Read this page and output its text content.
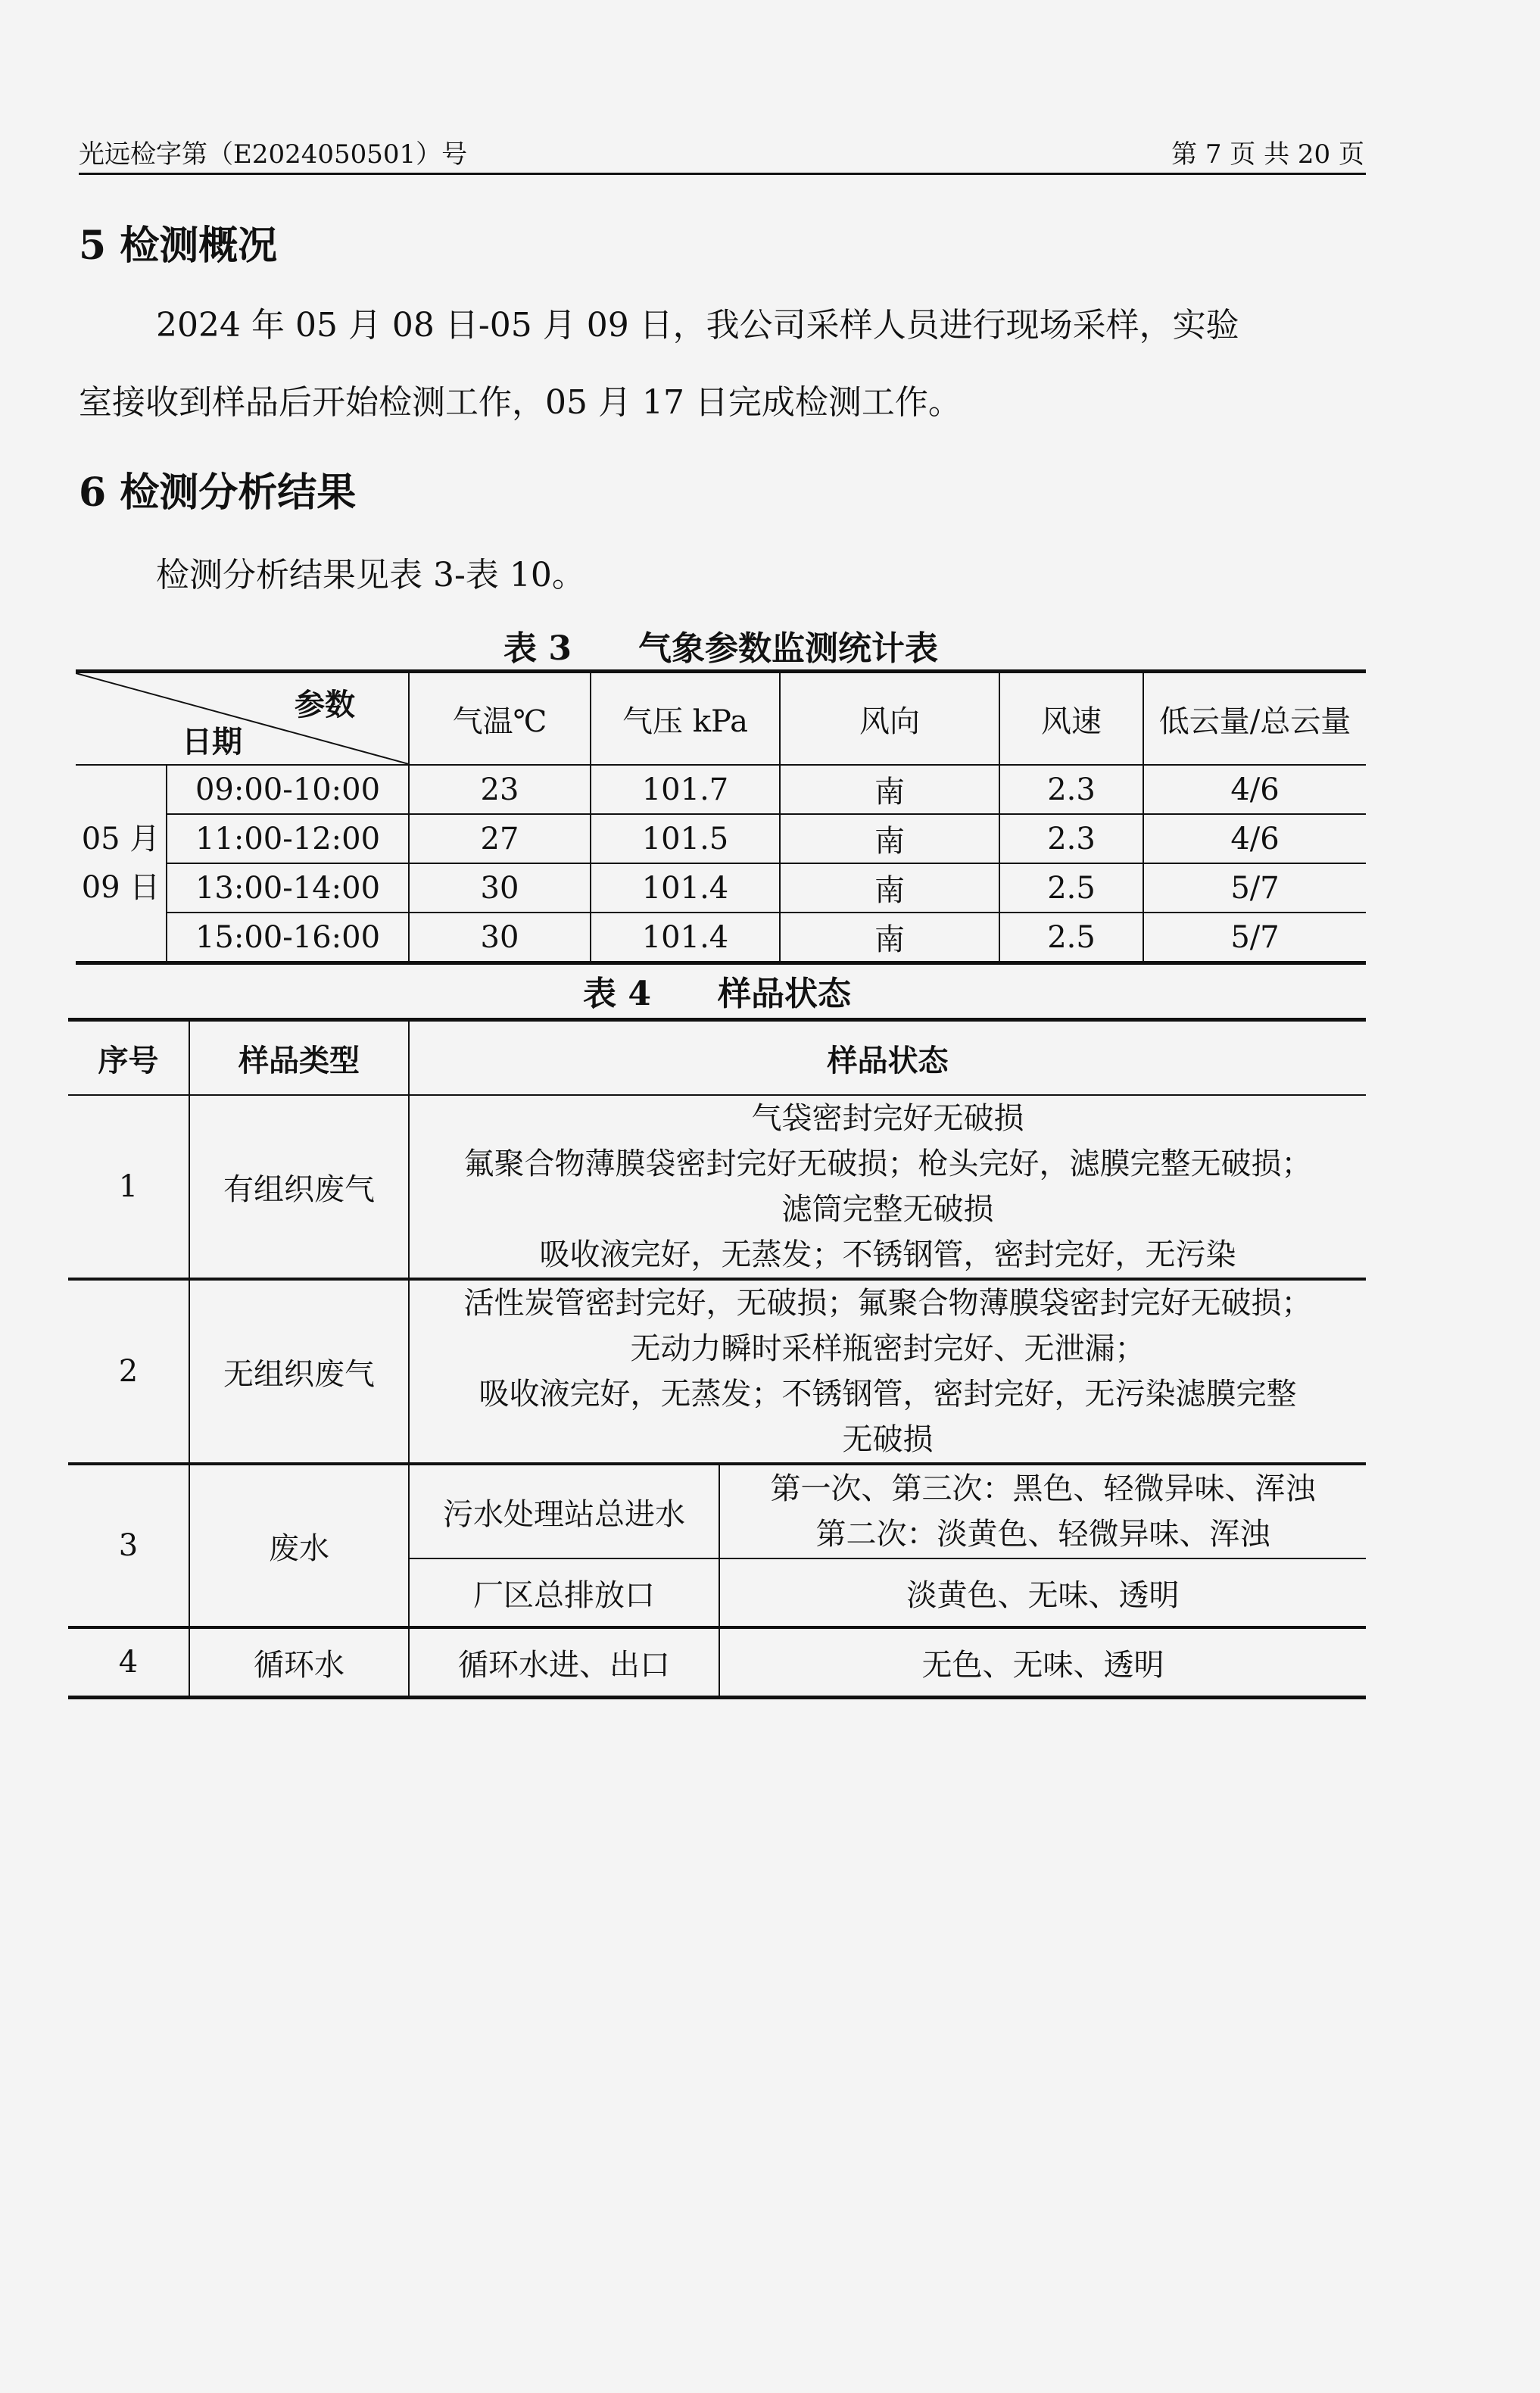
光远检字第（E2024050501）号	第 7 页 共 20 页
5 检测概况
2024 年 05 月 08 日-05 月 09 日，我公司采样人员进行现场采样，实验
室接收到样品后开始检测工作，05 月 17 日完成检测工作。
6 检测分析结果
检测分析结果见表 3-表 10。
表 3　　气象参数监测统计表
参数
日期		气温℃	气压 kPa	风向	风速	低云量/总云量
05 月
09 日	09:00-10:00	23	101.7	南	2.3	4/6
	11:00-12:00	27	101.5	南	2.3	4/6
	13:00-14:00	30	101.4	南	2.5	5/7
	15:00-16:00	30	101.4	南	2.5	5/7
表 4　　样品状态
序号	样品类型	样品状态	
1	有组织废气	气袋密封完好无破损
氟聚合物薄膜袋密封完好无破损；枪头完好，滤膜完整无破损；
滤筒完整无破损
吸收液完好，无蒸发；不锈钢管，密封完好，无污染	

2	无组织废气	活性炭管密封完好，无破损；氟聚合物薄膜袋密封完好无破损；
无动力瞬时采样瓶密封完好、无泄漏；
吸收液完好，无蒸发；不锈钢管，密封完好，无污染滤膜完整
无破损	

3	废水	污水处理站总进水	第一次、第三次：黑色、轻微异味、浑浊
第二次：淡黄色、轻微异味、浑浊

		厂区总排放口	淡黄色、无味、透明
4	循环水	循环水进、出口	无色、无味、透明
